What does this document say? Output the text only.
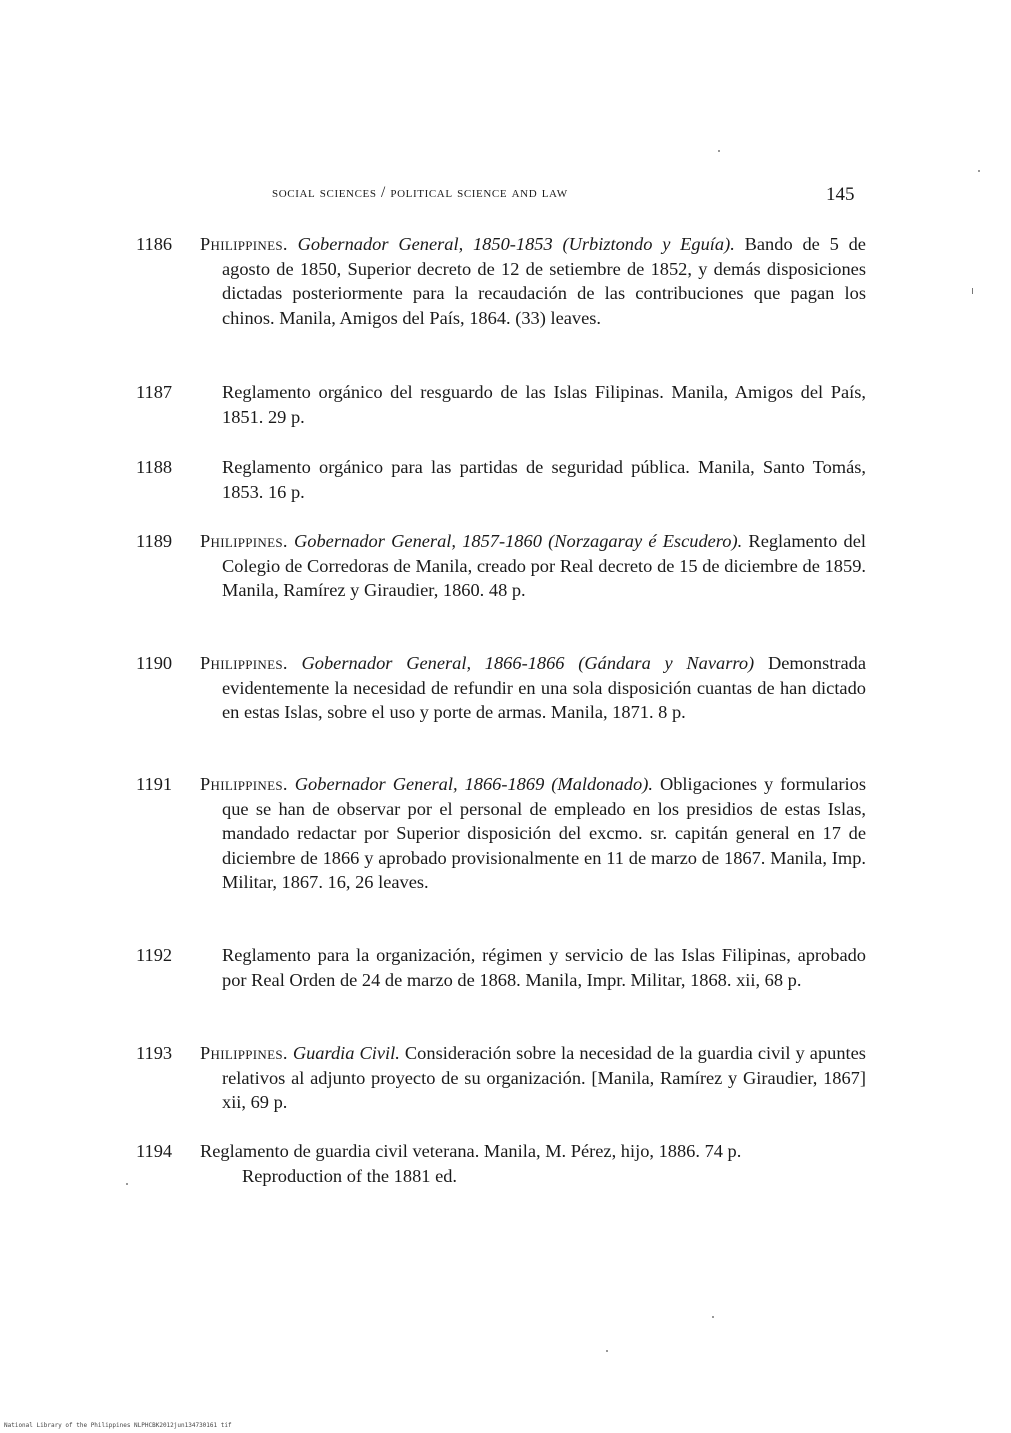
social sciences / political science and law	145
1186	Philippines. Gobernador General, 1850-1853 (Urbiztondo y Eguía). Bando de 5 de agosto de 1850, Superior decreto de 12 de setiembre de 1852, y demás disposiciones dictadas posteriormente para la recaudación de las contribuciones que pagan los chinos. Manila, Amigos del País, 1864. (33) leaves.
1187	Reglamento orgánico del resguardo de las Islas Filipinas. Manila, Amigos del País, 1851. 29 p.
1188	Reglamento orgánico para las partidas de seguridad pública. Manila, Santo Tomás, 1853. 16 p.
1189	Philippines. Gobernador General, 1857-1860 (Norzagaray é Escudero). Reglamento del Colegio de Corredoras de Manila, creado por Real decreto de 15 de diciembre de 1859. Manila, Ramírez y Giraudier, 1860. 48 p.
1190	Philippines. Gobernador General, 1866-1866 (Gándara y Navarro) Demonstrada evidentemente la necesidad de refundir en una sola disposición cuantas de han dictado en estas Islas, sobre el uso y porte de armas. Manila, 1871. 8 p.
1191	Philippines. Gobernador General, 1866-1869 (Maldonado). Obligaciones y formularios que se han de observar por el personal de empleado en los presidios de estas Islas, mandado redactar por Superior disposición del excmo. sr. capitán general en 17 de diciembre de 1866 y aprobado provisionalmente en 11 de marzo de 1867. Manila, Imp. Militar, 1867. 16, 26 leaves.
1192	Reglamento para la organización, régimen y servicio de las Islas Filipinas, aprobado por Real Orden de 24 de marzo de 1868. Manila, Impr. Militar, 1868. xii, 68 p.
1193	Philippines. Guardia Civil. Consideración sobre la necesidad de la guardia civil y apuntes relativos al adjunto proyecto de su organización. [Manila, Ramírez y Giraudier, 1867] xii, 69 p.
1194	Reglamento de guardia civil veterana. Manila, M. Pérez, hijo, 1886. 74 p.
Reproduction of the 1881 ed.
National Library of the Philippines NLPHCBK2012jun134730161 tif
